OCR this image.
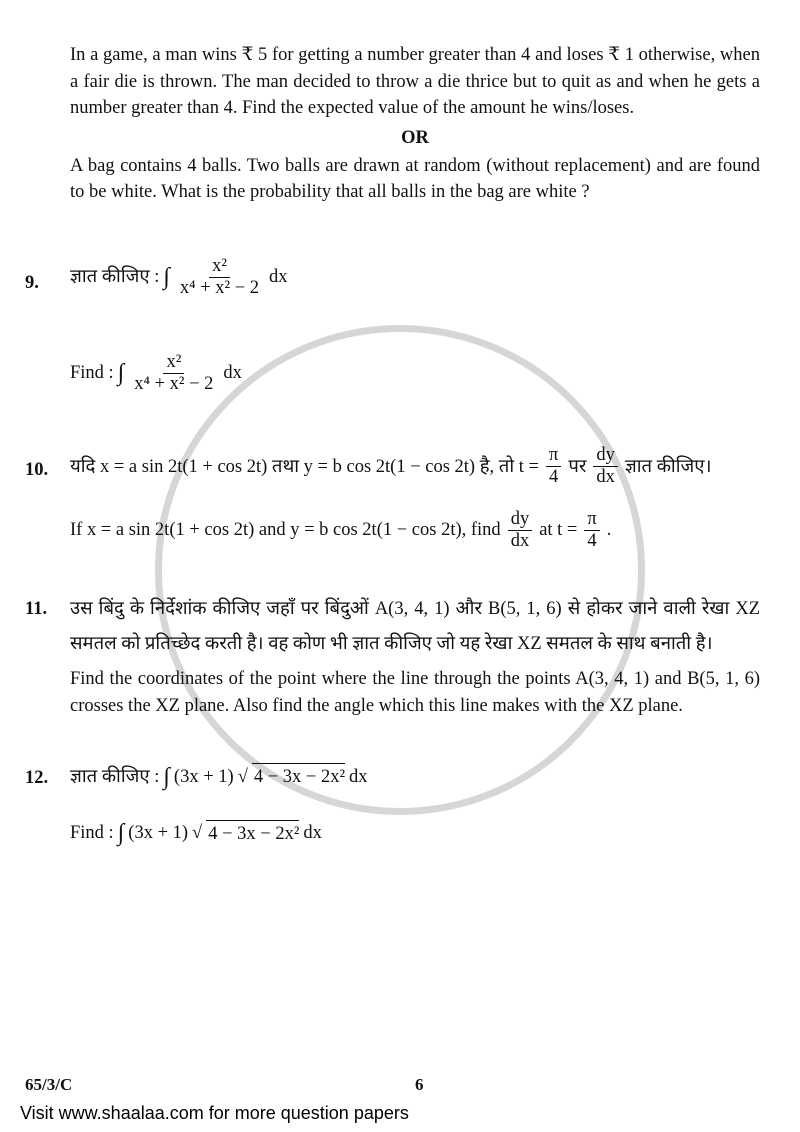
In a game, a man wins ₹ 5 for getting a number greater than 4 and loses ₹ 1 otherwise, when a fair die is thrown. The man decided to throw a die thrice but to quit as and when he gets a number greater than 4. Find the expected value of the amount he wins/loses.
OR
A bag contains 4 balls. Two balls are drawn at random (without replacement) and are found to be white. What is the probability that all balls in the bag are white ?
9.	ज्ञात कीजिए : ∫ $\frac{\text{x²}}{\text{x⁴ + x² − 2}}$ dx
Find : ∫ $\frac{\text{x²}}{\text{x⁴ + x² − 2}}$ dx
10.	यदि x = a sin 2t(1 + cos 2t) तथा y = b cos 2t(1 − cos 2t) है, तो $t = \frac{\pi}{4}$ पर $\frac{dy}{dx}$ ज्ञात कीजिए।
If x = a sin 2t(1 + cos 2t) and y = b cos 2t(1 − cos 2t), find $\frac{dy}{dx}$ at $t = \frac{\pi}{4}$ .
11.	उस बिंदु के निर्देशांक कीजिए जहाँ पर बिंदुओं A(3, 4, 1) और B(5, 1, 6) से होकर जाने वाली रेखा XZ समतल को प्रतिच्छेद करती है। वह कोण भी ज्ञात कीजिए जो यह रेखा XZ समतल के साथ बनाती है।
Find the coordinates of the point where the line through the points A(3, 4, 1) and B(5, 1, 6) crosses the XZ plane. Also find the angle which this line makes with the XZ plane.
12.	ज्ञात कीजिए : ∫ (3x + 1) √ 4 − 3x − 2x² dx
Find : ∫ (3x + 1) √ 4 − 3x − 2x² dx
65/3/C	6
Visit www.shaalaa.com for more question papers
